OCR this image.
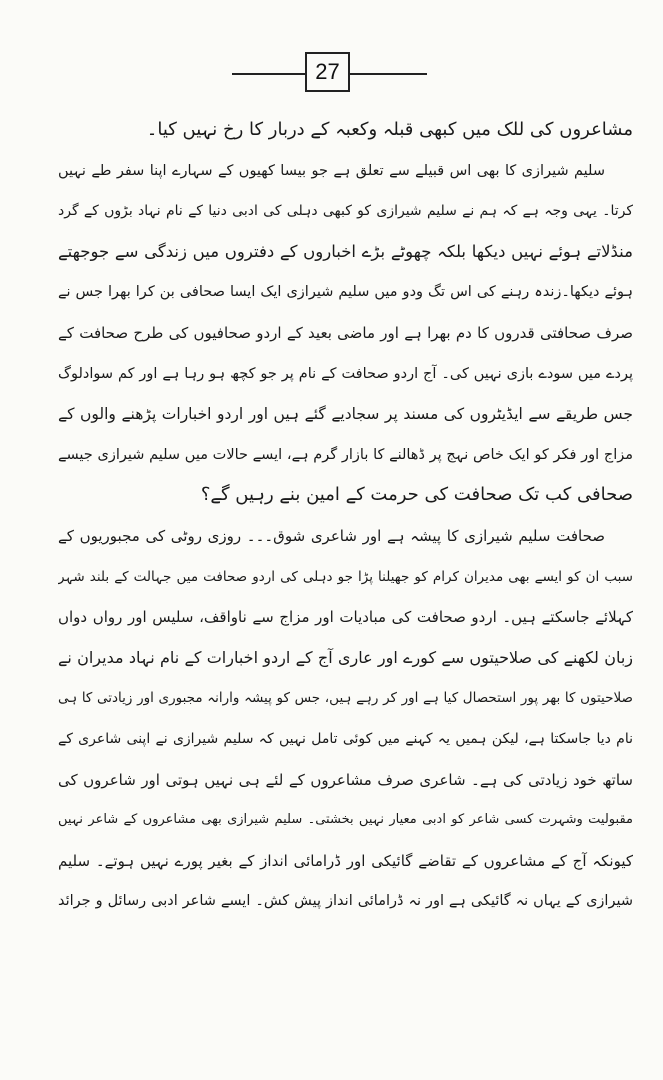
27
مشاعروں کی للک میں کبھی قبلہ وکعبہ کے دربار کا رخ نہیں کیا۔
سلیم شیرازی کا بھی اس قبیلے سے تعلق ہے جو بیسا کھیوں کے سہارے اپنا سفر طے نہیں
کرتا۔ یہی وجہ ہے کہ ہم نے سلیم شیرازی کو کبھی دہلی کی ادبی دنیا کے نام نہاد بڑوں کے گرد
منڈلاتے ہوئے نہیں دیکھا بلکہ چھوٹے بڑے اخباروں کے دفتروں میں زندگی سے جوجھتے
ہوئے دیکھا۔زندہ رہنے کی اس تگ ودو میں سلیم شیرازی ایک ایسا صحافی بن کرا بھرا جس نے
صرف صحافتی قدروں کا دم بھرا ہے اور ماضی بعید کے اردو صحافیوں کی طرح صحافت کے
پردے میں سودے بازی نہیں کی۔ آج اردو صحافت کے نام پر جو کچھ ہو رہا ہے اور کم سوادلوگ
جس طریقے سے ایڈیٹروں کی مسند پر سجادیے گئے ہیں اور اردو اخبارات پڑھنے والوں کے
مزاج اور فکر کو ایک خاص نہج پر ڈھالنے کا بازار گرم ہے، ایسے حالات میں سلیم شیرازی جیسے
صحافی کب تک صحافت کی حرمت کے امین بنے رہیں گے؟
صحافت سلیم شیرازی کا پیشہ ہے اور شاعری شوق۔۔۔ روزی روٹی کی مجبوریوں کے
سبب ان کو ایسے بھی مدیران کرام کو جھیلنا پڑا جو دہلی کی اردو صحافت میں جہالت کے بلند شہر
کہلائے جاسکتے ہیں۔ اردو صحافت کی مبادیات اور مزاج سے ناواقف، سلیس اور رواں دواں
زبان لکھنے کی صلاحیتوں سے کورے اور عاری آج کے اردو اخبارات کے نام نہاد مدیران نے
صلاحیتوں کا بھر پور استحصال کیا ہے اور کر رہے ہیں، جس کو پیشہ وارانہ مجبوری اور زیادتی کا ہی
نام دیا جاسکتا ہے، لیکن ہمیں یہ کہنے میں کوئی تامل نہیں کہ سلیم شیرازی نے اپنی شاعری کے
ساتھ خود زیادتی کی ہے۔ شاعری صرف مشاعروں کے لئے ہی نہیں ہوتی اور شاعروں کی
مقبولیت وشہرت کسی شاعر کو ادبی معیار نہیں بخشتی۔ سلیم شیرازی بھی مشاعروں کے شاعر نہیں
کیونکہ آج کے مشاعروں کے تقاضے گائیکی اور ڈرامائی انداز کے بغیر پورے نہیں ہوتے۔ سلیم
شیرازی کے یہاں نہ گائیکی ہے اور نہ ڈرامائی انداز پیش کش۔ ایسے شاعر ادبی رسائل و جرائد
